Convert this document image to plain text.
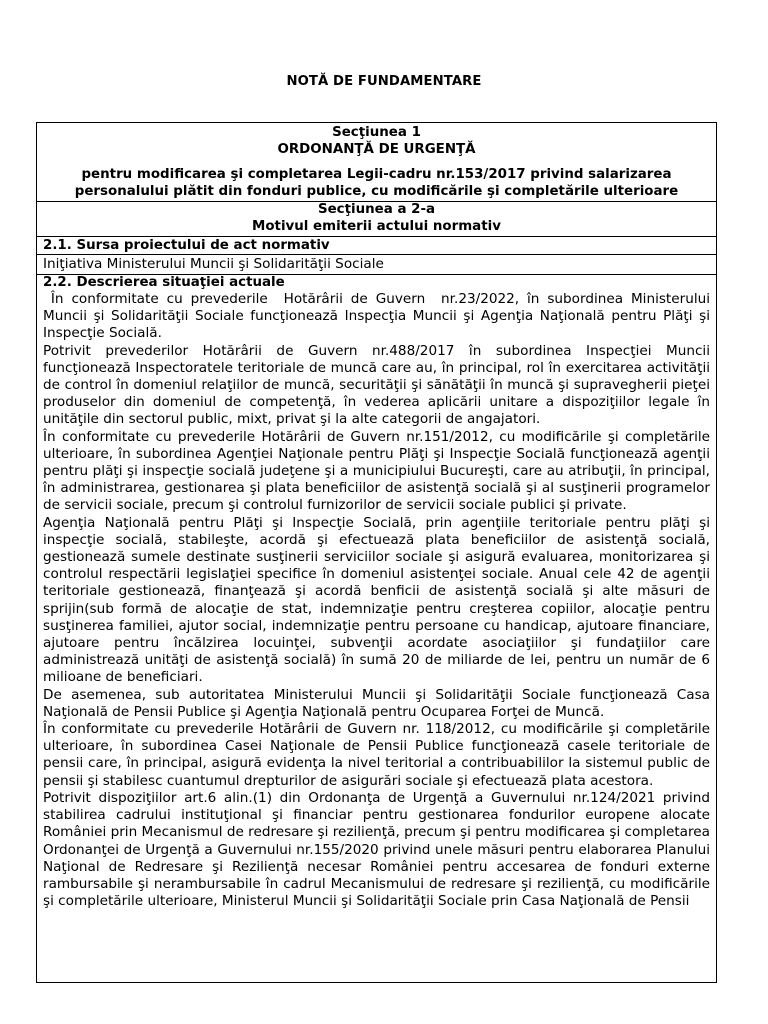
NOTĂ DE FUNDAMENTARE
Secţiunea 1
ORDONANŢĂ DE URGENŢĂ
pentru modificarea şi completarea Legii-cadru nr.153/2017 privind salarizarea personalului plătit din fonduri publice, cu modificările şi completările ulterioare
Secţiunea a 2-a
Motivul emiterii actului normativ
2.1. Sursa proiectului de act normativ
Iniţiativa Ministerului Muncii şi Solidarităţii Sociale
2.2. Descrierea situaţiei actuale

În conformitate cu prevederile  Hotărârii de Guvern  nr.23/2022, în subordinea Ministerului Muncii şi Solidarităţii Sociale funcţionează Inspecţia Muncii şi Agenţia Naţională pentru Plăţi şi Inspecţie Socială.

Potrivit prevederilor Hotărârii de Guvern nr.488/2017 în subordinea Inspecţiei Muncii funcţionează Inspectoratele teritoriale de muncă care au, în principal, rol în exercitarea activităţii de control în domeniul relaţiilor de muncă, securităţii şi sănătăţii în muncă şi supravegherii pieţei produselor din domeniul de competenţă, în vederea aplicării unitare a dispoziţiilor legale în unităţile din sectorul public, mixt, privat şi la alte categorii de angajatori.

În conformitate cu prevederile Hotărârii de Guvern nr.151/2012, cu modificările şi completările ulterioare, în subordinea Agenţiei Naţionale pentru Plăţi şi Inspecţie Socială funcţionează agenţii pentru plăţi şi inspecţie socială judeţene şi a municipiului Bucureşti, care au atribuţii, în principal, în administrarea, gestionarea şi plata beneficiilor de asistenţă socială şi al susţinerii programelor de servicii sociale, precum şi controlul furnizorilor de servicii sociale publici şi private.

Agenţia Naţională pentru Plăţi şi Inspecţie Socială, prin agenţiile teritoriale pentru plăţi şi inspecţie socială, stabileşte, acordă şi efectuează plata beneficiilor de asistenţă socială, gestionează sumele destinate susţinerii serviciilor sociale şi asigură evaluarea, monitorizarea şi controlul respectării legislaţiei specifice în domeniul asistenţei sociale. Anual cele 42 de agenţii teritoriale gestionează, finanţează şi acordă benficii de asistenţă socială şi alte măsuri de sprijin(sub formă de alocaţie de stat, indemnizaţie pentru creşterea copiilor, alocaţie pentru susţinerea familiei, ajutor social, indemnizaţie pentru persoane cu handicap, ajutoare financiare, ajutoare pentru încălzirea locuinţei, subvenţii acordate asociaţiilor şi fundaţiilor care administrează unităţi de asistenţă socială) în sumă 20 de miliarde de lei, pentru un număr de 6 milioane de beneficiari.

De asemenea, sub autoritatea Ministerului Muncii şi Solidarităţii Sociale funcţionează Casa Naţională de Pensii Publice şi Agenţia Naţională pentru Ocuparea Forţei de Muncă.

În conformitate cu prevederile Hotărârii de Guvern nr. 118/2012, cu modificările şi completările ulterioare, în subordinea Casei Naţionale de Pensii Publice funcţionează casele teritoriale de pensii care, în principal, asigură evidenţa la nivel teritorial a contribuabililor la sistemul public de pensii şi stabilesc cuantumul drepturilor de asigurări sociale şi efectuează plata acestora.

Potrivit dispoziţiilor art.6 alin.(1) din Ordonanţa de Urgenţă a Guvernului nr.124/2021 privind stabilirea cadrului instituţional şi financiar pentru gestionarea fondurilor europene alocate României prin Mecanismul de redresare şi rezilienţă, precum şi pentru modificarea şi completarea Ordonanţei de Urgenţă a Guvernului nr.155/2020 privind unele măsuri pentru elaborarea Planului Naţional de Redresare şi Rezilienţă necesar României pentru accesarea de fonduri externe rambursabile şi nerambursabile în cadrul Mecanismului de redresare şi rezilienţă, cu modificările şi completările ulterioare, Ministerul Muncii şi Solidarităţii Sociale prin Casa Naţională de Pensii
